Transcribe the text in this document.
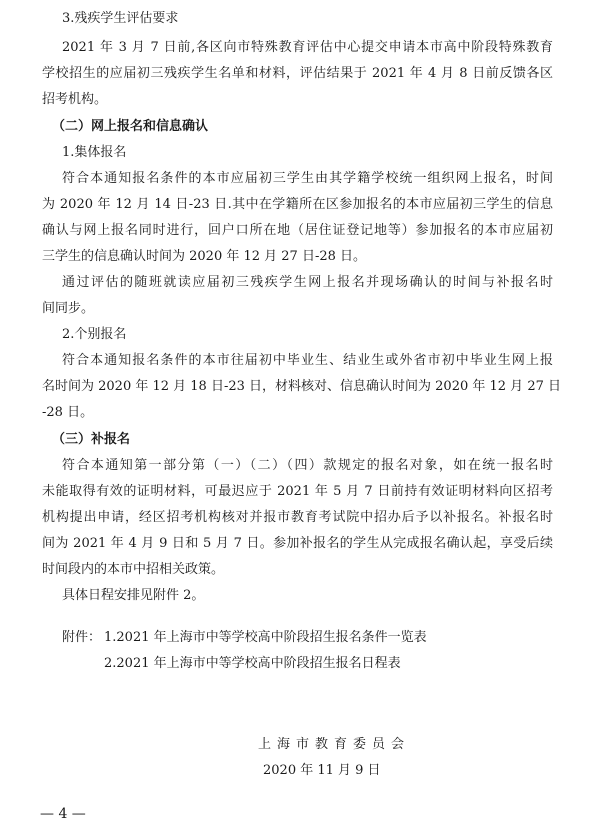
3.残疾学生评估要求
2021 年 3 月 7 日前,各区向市特殊教育评估中心提交申请本市高中阶段特殊教育
学校招生的应届初三残疾学生名单和材料，评估结果于 2021 年 4 月 8 日前反馈各区
招考机构。
（二）网上报名和信息确认
1.集体报名
符合本通知报名条件的本市应届初三学生由其学籍学校统一组织网上报名，时间
为 2020 年 12 月 14 日-23 日.其中在学籍所在区参加报名的本市应届初三学生的信息
确认与网上报名同时进行，回户口所在地（居住证登记地等）参加报名的本市应届初
三学生的信息确认时间为 2020 年 12 月 27 日-28 日。
通过评估的随班就读应届初三残疾学生网上报名并现场确认的时间与补报名时
间同步。
2.个别报名
符合本通知报名条件的本市往届初中毕业生、结业生或外省市初中毕业生网上报
名时间为 2020 年 12 月 18 日-23 日，材料核对、信息确认时间为 2020 年 12 月 27 日
-28 日。
（三）补报名
符合本通知第一部分第（一）（二）（四）款规定的报名对象，如在统一报名时
未能取得有效的证明材料，可最迟应于 2021 年 5 月 7 日前持有效证明材料向区招考
机构提出申请，经区招考机构核对并报市教育考试院中招办后予以补报名。补报名时
间为 2021 年 4 月 9 日和 5 月 7 日。参加补报名的学生从完成报名确认起，享受后续
时间段内的本市中招相关政策。
具体日程安排见附件 2。
附件： 1.2021 年上海市中等学校高中阶段招生报名条件一览表
2.2021 年上海市中等学校高中阶段招生报名日程表
上海市教育委员会
2020 年 11 月 9 日
— 4 —
